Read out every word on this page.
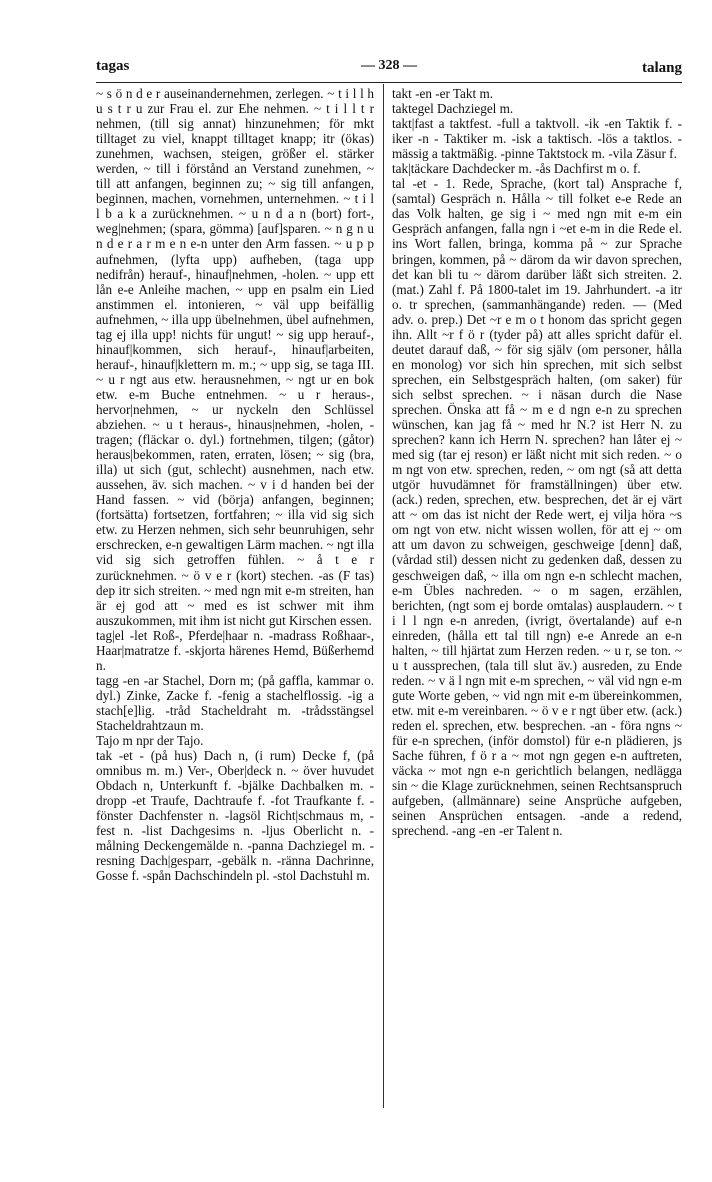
tagas	— 328 —	talang

~ s ö n d e r auseinandernehmen, zerlegen. ~ t i l l h u s t r u zur Frau el. zur Ehe nehmen. ~ t i l l t r nehmen, (till sig annat) hinzunehmen; för mkt tilltaget zu viel, knappt tilltaget knapp; itr (ökas) zunehmen, wachsen, steigen, größer el. stärker werden, ~ till i förstånd an Verstand zunehmen, ~ till att anfangen, beginnen zu; ~ sig till anfangen, beginnen, machen, vornehmen, unternehmen. ~ t i l l b a k a zurücknehmen. ~ u n d a n (bort) fort-, weg|nehmen; (spara, gömma) [auf]sparen. ~ n g n u n d e r a r m e n e-n unter den Arm fassen. ~ u p p aufnehmen, (lyfta upp) aufheben, (taga upp nedifrån) herauf-, hinauf|nehmen, -holen. ~ upp ett lån e-e Anleihe machen, ~ upp en psalm ein Lied anstimmen el. intonieren, ~ väl upp beifällig aufnehmen, ~ illa upp übelnehmen, übel aufnehmen, tag ej illa upp! nichts für ungut! ~ sig upp herauf-, hinauf|kommen, sich herauf-, hinauf|arbeiten, herauf-, hinauf|klettern m. m.; ~ upp sig, se taga III. ~ u r ngt aus etw. herausnehmen, ~ ngt ur en bok etw. e-m Buche entnehmen. ~ u r heraus-, hervor|nehmen, ~ ur nyckeln den Schlüssel abziehen. ~ u t heraus-, hinaus|nehmen, -holen, -tragen; (fläckar o. dyl.) fortnehmen, tilgen; (gåtor) heraus|bekommen, raten, erraten, lösen; ~ sig (bra, illa) ut sich (gut, schlecht) ausnehmen, nach etw. aussehen, äv. sich machen. ~ v i d handen bei der Hand fassen. ~ vid (börja) anfangen, beginnen; (fortsätta) fortsetzen, fortfahren; ~ illa vid sig sich etw. zu Herzen nehmen, sich sehr beunruhigen, sehr erschrecken, e-n gewaltigen Lärm machen. ~ ngt illa vid sig sich getroffen fühlen. ~ å t e r zurücknehmen. ~ ö v e r (kort) stechen. -as (F tas) dep itr sich streiten. ~ med ngn mit e-m streiten, han är ej god att ~ med es ist schwer mit ihm auszukommen, mit ihm ist nicht gut Kirschen essen.

tag|el -let Roß-, Pferde|haar n. -madrass Roßhaar-, Haar|matratze f. -skjorta härenes Hemd, Büßerhemd n.

tagg -en -ar Stachel, Dorn m; (på gaffla, kammar o. dyl.) Zinke, Zacke f. -fenig a stachelflossig. -ig a stach[e]lig. -tråd Stacheldraht m. -trådsstängsel Stacheldrahtzaun m.

Tajo m npr der Tajo.

tak -et - (på hus) Dach n, (i rum) Decke f, (på omnibus m. m.) Ver-, Ober|deck n. ~ över huvudet Obdach n, Unterkunft f. -bjälke Dachbalken m. -dropp -et Traufe, Dachtraufe f. -fot Traufkante f. -fönster Dachfenster n. -lagsöl Richt|schmaus m, -fest n. -list Dachgesims n. -ljus Oberlicht n. -målning Deckengemälde n. -panna Dachziegel m. -resning Dach|gesparr, -gebälk n. -ränna Dachrinne, Gosse f. -spån Dachschindeln pl. -stol Dachstuhl m.

takt -en -er Takt m.

taktegel Dachziegel m.

takt|fast a taktfest. -full a taktvoll. -ik -en Taktik f. -iker -n - Taktiker m. -isk a taktisch. -lös a taktlos. -mässig a taktmäßig. -pinne Taktstock m. -vila Zäsur f.

tak|täckare Dachdecker m. -ås Dachfirst m o. f.

tal -et - 1. Rede, Sprache, (kort tal) Ansprache f, (samtal) Gespräch n. Hålla ~ till folket e-e Rede an das Volk halten, ge sig i ~ med ngn mit e-m ein Gespräch anfangen, falla ngn i ~et e-m in die Rede el. ins Wort fallen, bringa, komma på ~ zur Sprache bringen, kommen, på ~ därom da wir davon sprechen, det kan bli tu ~ därom darüber läßt sich streiten. 2. (mat.) Zahl f. På 1800-talet im 19. Jahrhundert. -a itr o. tr sprechen, (sammanhängande) reden. — (Med adv. o. prep.) Det ~r e m o t honom das spricht gegen ihn. Allt ~r f ö r (tyder på) att alles spricht dafür el. deutet darauf daß, ~ för sig själv (om personer, hålla en monolog) vor sich hin sprechen, mit sich selbst sprechen, ein Selbstgespräch halten, (om saker) für sich selbst sprechen. ~ i näsan durch die Nase sprechen. Önska att få ~ m e d ngn e-n zu sprechen wünschen, kan jag få ~ med hr N.? ist Herr N. zu sprechen? kann ich Herrn N. sprechen? han låter ej ~ med sig (tar ej reson) er läßt nicht mit sich reden. ~ o m ngt von etw. sprechen, reden, ~ om ngt (så att detta utgör huvudämnet för framställningen) über etw. (ack.) reden, sprechen, etw. besprechen, det är ej värt att ~ om das ist nicht der Rede wert, ej vilja höra ~s om ngt von etw. nicht wissen wollen, för att ej ~ om att um davon zu schweigen, geschweige [denn] daß, (vårdad stil) dessen nicht zu gedenken daß, dessen zu geschweigen daß, ~ illa om ngn e-n schlecht machen, e-m Übles nachreden. ~ o m sagen, erzählen, berichten, (ngt som ej borde omtalas) ausplaudern. ~ t i l l ngn e-n anreden, (ivrigt, övertalande) auf e-n einreden, (hålla ett tal till ngn) e-e Anrede an e-n halten, ~ till hjärtat zum Herzen reden. ~ u r, se ton. ~ u t aussprechen, (tala till slut äv.) ausreden, zu Ende reden. ~ v ä l ngn mit e-m sprechen, ~ väl vid ngn e-m gute Worte geben, ~ vid ngn mit e-m übereinkommen, etw. mit e-m vereinbaren. ~ ö v e r ngt über etw. (ack.) reden el. sprechen, etw. besprechen. -an - föra ngns ~ für e-n sprechen, (inför domstol) für e-n plädieren, js Sache führen, f ö r a ~ mot ngn gegen e-n auftreten, väcka ~ mot ngn e-n gerichtlich belangen, nedlägga sin ~ die Klage zurücknehmen, seinen Rechtsanspruch aufgeben, (allmännare) seine Ansprüche aufgeben, seinen Ansprüchen entsagen. -ande a redend, sprechend. -ang -en -er Talent n.
